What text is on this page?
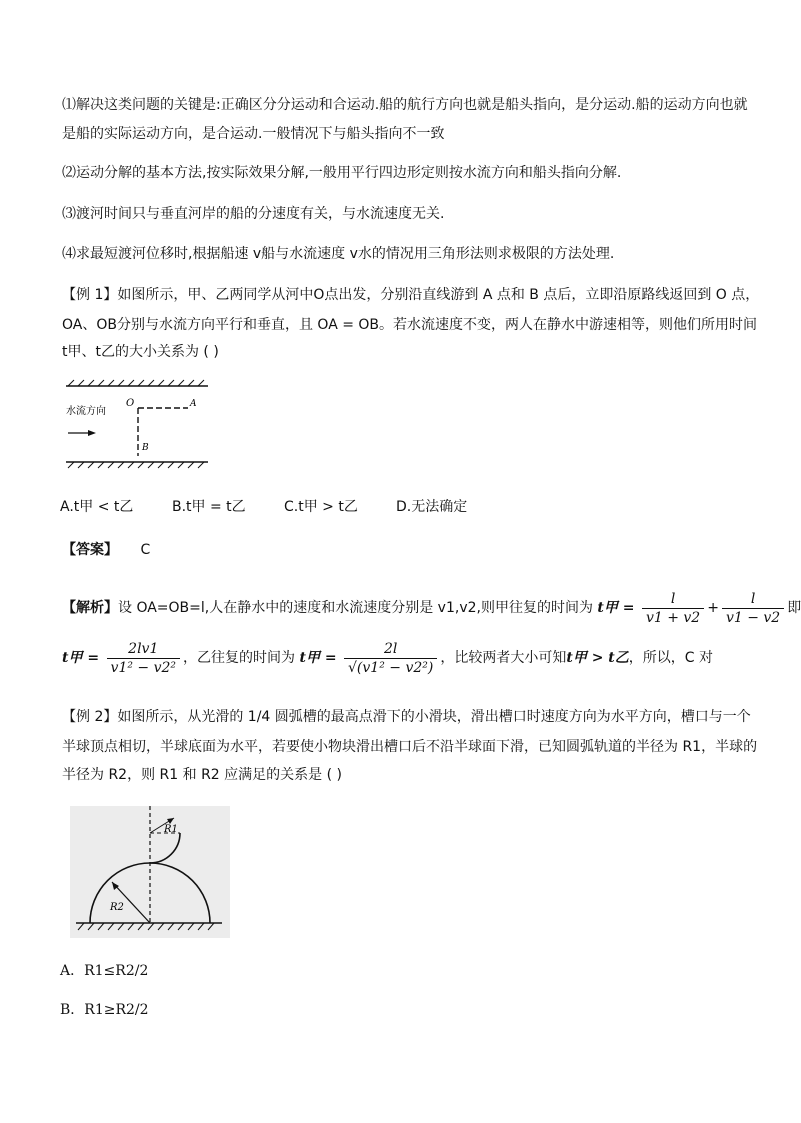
⑴解决这类问题的关键是:正确区分分运动和合运动.船的航行方向也就是船头指向，是分运动.船的运动方向也就
是船的实际运动方向，是合运动.一般情况下与船头指向不一致
⑵运动分解的基本方法,按实际效果分解,一般用平行四边形定则按水流方向和船头指向分解.
⑶渡河时间只与垂直河岸的船的分速度有关，与水流速度无关.
⑷求最短渡河位移时,根据船速 v船与水流速度 v水的情况用三角形法则求极限的方法处理.
【例 1】如图所示，甲、乙两同学从河中O点出发，分别沿直线游到 A 点和 B 点后，立即沿原路线返回到 O 点，
OA、OB分别与水流方向平行和垂直，且 OA = OB。若水流速度不变，两人在静水中游速相等，则他们所用时间
t甲、t乙的大小关系为 ( )
水流方向
O	A
B
A.t甲 < t乙	B.t甲 = t乙	C.t甲 > t乙	D.无法确定
【答案】 C
【解析】设 OA=OB=l,人在静水中的速度和水流速度分别是 v1,v2,则甲往复的时间为 t甲 = $\frac{l}{v1 + v2} + \frac{l}{v1 - v2}$ 即
t甲 = $\frac{2lv1}{\text{v1² − v2²}}$ ，乙往复的时间为 t甲 = $\frac{2l}{\text{√(v1² − v2²)}}$ ，比较两者大小可知t甲 > t乙，所以，C 对
【例 2】如图所示，从光滑的 1/4 圆弧槽的最高点滑下的小滑块，滑出槽口时速度方向为水平方向，槽口与一个
半球顶点相切，半球底面为水平，若要使小物块滑出槽口后不沿半球面下滑，已知圆弧轨道的半径为 R1，半球的
半径为 R2，则 R1 和 R2 应满足的关系是 ( )
R1
R2
A．R1≤R2/2
B．R1≥R2/2
